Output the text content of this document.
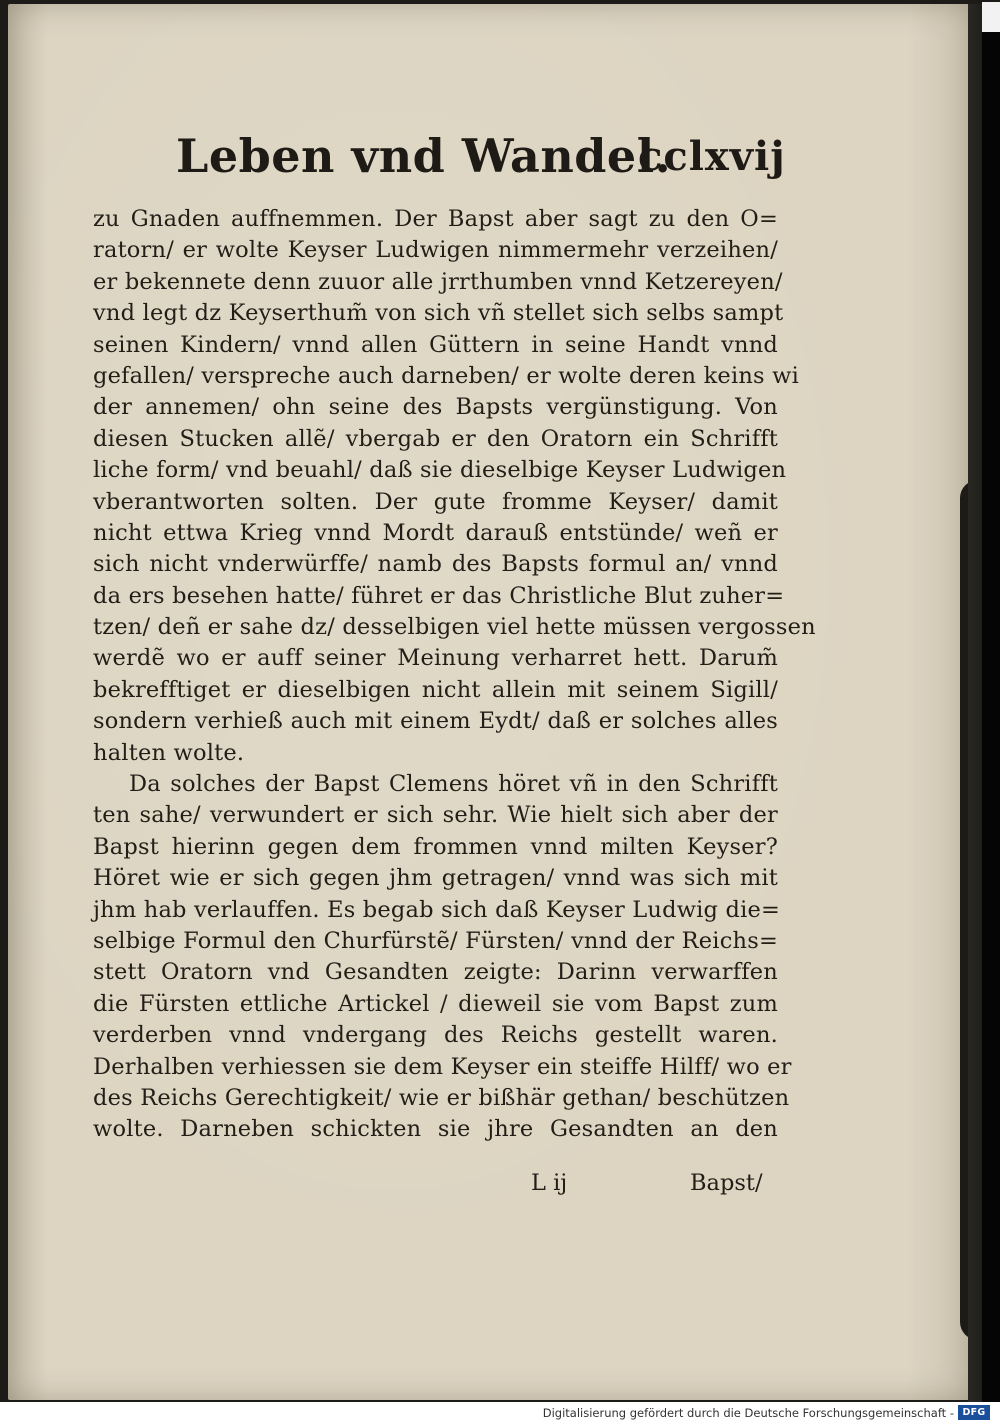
Leben vnd Wandel.
cclxvij
zu Gnaden auffnemmen. Der Bapst aber sagt zu den O=
ratorn/ er wolte Keyser Ludwigen nimmermehr verzeihen/
er bekennete denn zuuor alle jrrthumben vnnd Ketzereyen/
vnd legt dz Keyserthum̃ von sich vñ stellet sich selbs sampt
seinen Kindern/ vnnd allen Güttern in seine Handt vnnd
gefallen/ verspreche auch darneben/ er wolte deren keins wi
der annemen/ ohn seine des Bapsts vergünstigung. Von
diesen Stucken allẽ/ vbergab er den Oratorn ein Schrifft
liche form/ vnd beuahl/ daß sie dieselbige Keyser Ludwigen
vberantworten solten. Der gute fromme Keyser/ damit
nicht ettwa Krieg vnnd Mordt darauß entstünde/ weñ er
sich nicht vnderwürffe/ namb des Bapsts formul an/ vnnd
da ers besehen hatte/ führet er das Christliche Blut zuher=
tzen/ deñ er sahe dz/ desselbigen viel hette müssen vergossen
werdẽ wo er auff seiner Meinung verharret hett. Darum̃
bekrefftiget er dieselbigen nicht allein mit seinem Sigill/
sondern verhieß auch mit einem Eydt/ daß er solches alles
halten wolte.
Da solches der Bapst Clemens höret vñ in den Schrifft
ten sahe/ verwundert er sich sehr. Wie hielt sich aber der
Bapst hierinn gegen dem frommen vnnd milten Keyser?
Höret wie er sich gegen jhm getragen/ vnnd was sich mit
jhm hab verlauffen. Es begab sich daß Keyser Ludwig die=
selbige Formul den Churfürstẽ/ Fürsten/ vnnd der Reichs=
stett Oratorn vnd Gesandten zeigte: Darinn verwarffen
die Fürsten ettliche Artickel / dieweil sie vom Bapst zum
verderben vnnd vndergang des Reichs gestellt waren.
Derhalben verhiessen sie dem Keyser ein steiffe Hilff/ wo er
des Reichs Gerechtigkeit/ wie er bißhär gethan/ beschützen
wolte. Darneben schickten sie jhre Gesandten an den
L ij	Bapst/
Digitalisierung gefördert durch die Deutsche Forschungsgemeinschaft - DFG
